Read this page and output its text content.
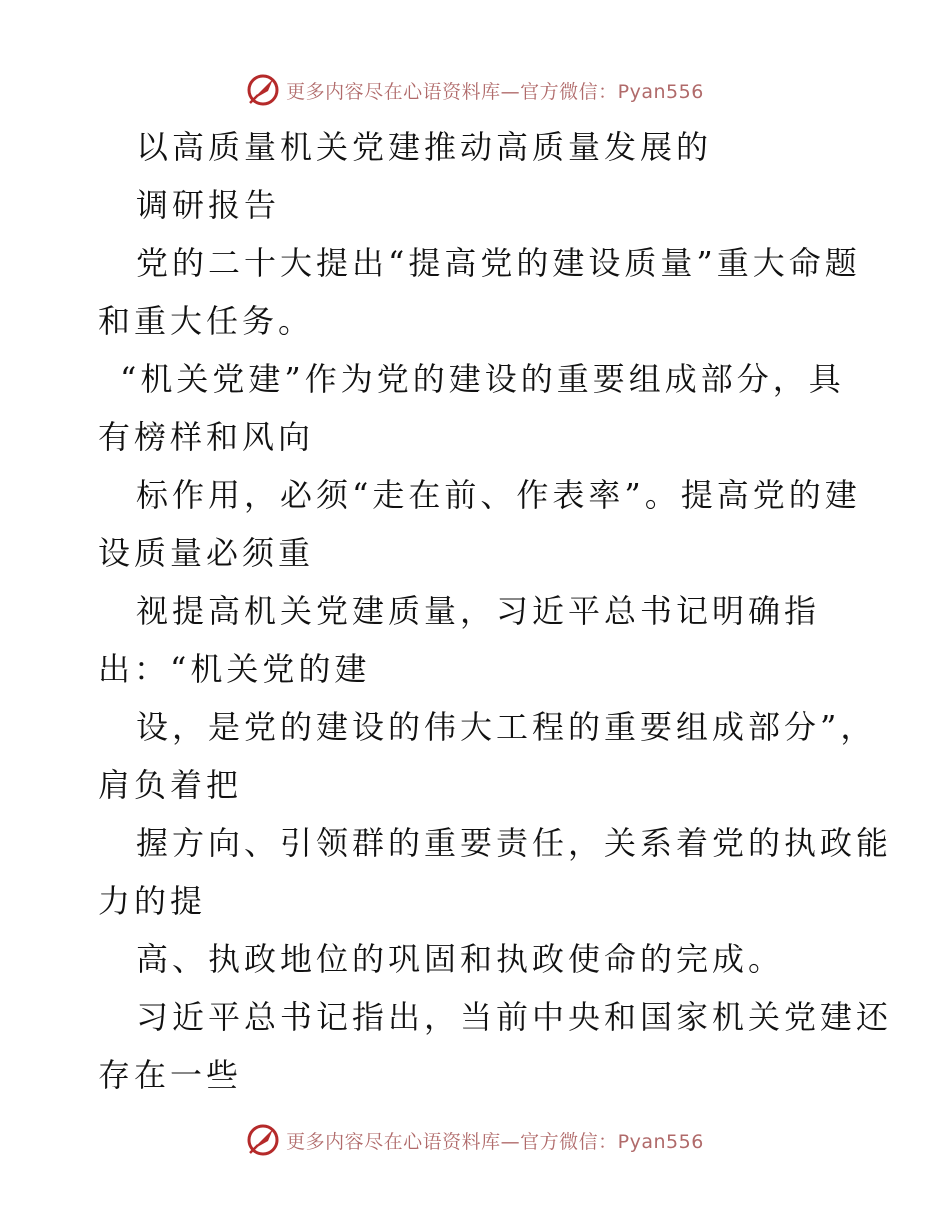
更多内容尽在心语资料库—官方微信：Pyan556
以高质量机关党建推动高质量发展的
调研报告
党的二十大提出“提高党的建设质量”重大命题
和重大任务。
“机关党建”作为党的建设的重要组成部分，具
有榜样和风向
标作用，必须“走在前、作表率”。提高党的建
设质量必须重
视提高机关党建质量，习近平总书记明确指
出：“机关党的建
设，是党的建设的伟大工程的重要组成部分”，
肩负着把
握方向、引领群的重要责任，关系着党的执政能
力的提
高、执政地位的巩固和执政使命的完成。
习近平总书记指出，当前中央和国家机关党建还
存在一些
更多内容尽在心语资料库—官方微信：Pyan556
